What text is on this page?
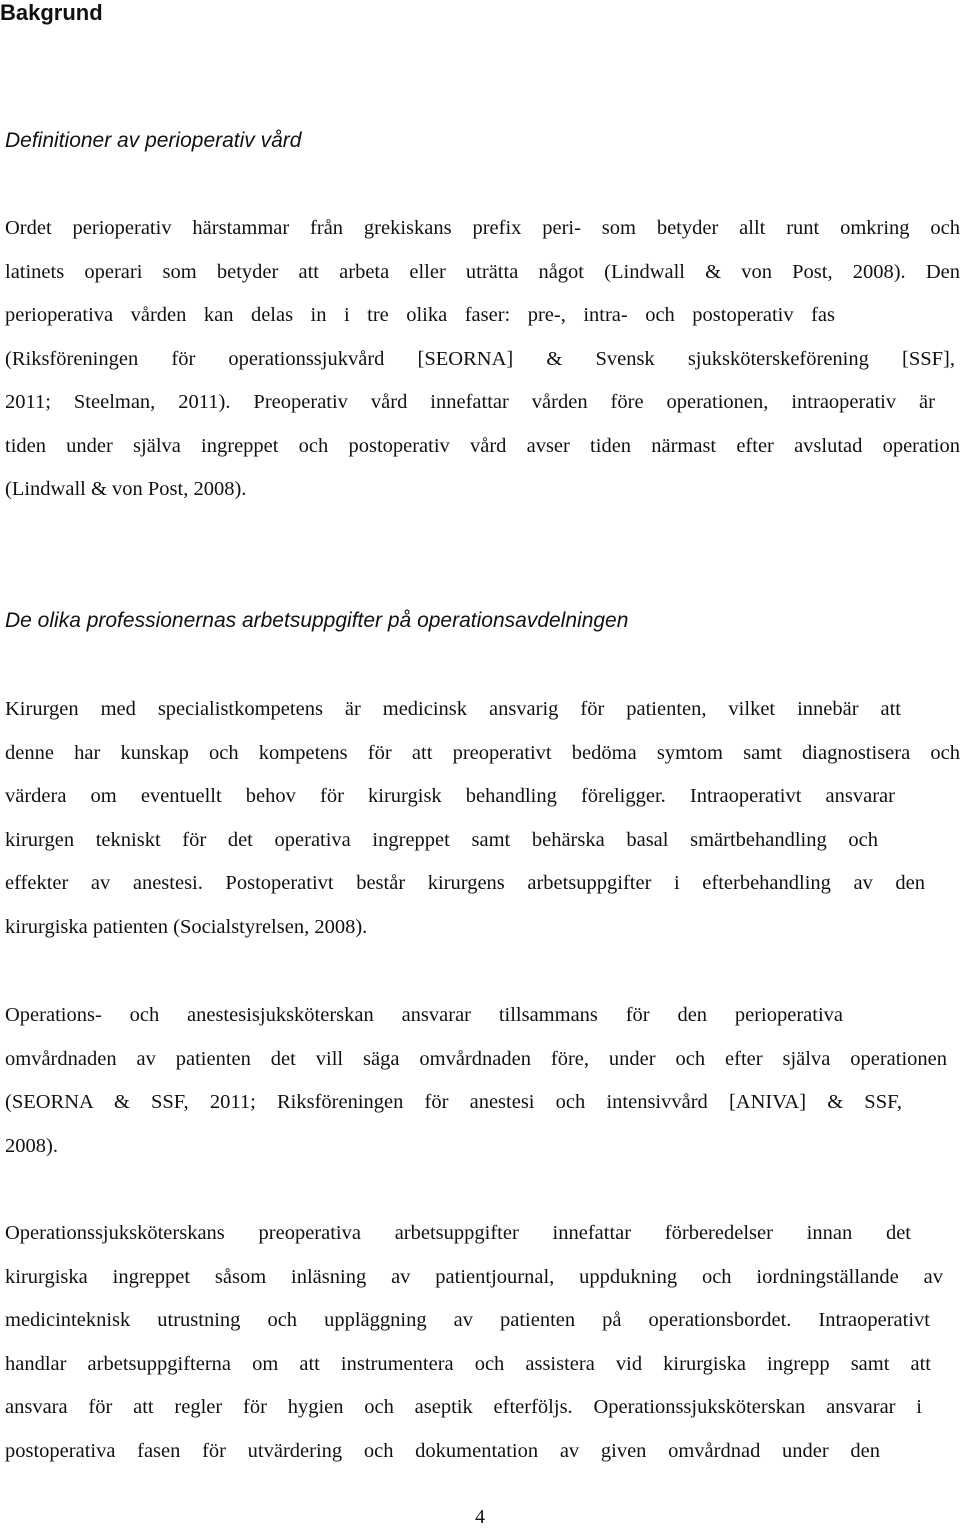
Bakgrund
Definitioner av perioperativ vård

Ordet perioperativ härstammar från grekiskans prefix peri- som betyder allt runt omkring och
latinets operari som betyder att arbeta eller uträtta något (Lindwall & von Post, 2008). Den
perioperativa vården kan delas in i tre olika faser: pre-, intra- och postoperativ fas
(Riksföreningen för operationssjukvård [SEORNA] & Svensk sjuksköterskeförening [SSF],
2011; Steelman, 2011). Preoperativ vård innefattar vården före operationen, intraoperativ är
tiden under själva ingreppet och postoperativ vård avser tiden närmast efter avslutad operation
(Lindwall & von Post, 2008).

De olika professionernas arbetsuppgifter på operationsavdelningen

Kirurgen med specialistkompetens är medicinsk ansvarig för patienten, vilket innebär att
denne har kunskap och kompetens för att preoperativt bedöma symtom samt diagnostisera och
värdera om eventuellt behov för kirurgisk behandling föreligger. Intraoperativt ansvarar
kirurgen tekniskt för det operativa ingreppet samt behärska basal smärtbehandling och
effekter av anestesi. Postoperativt består kirurgens arbetsuppgifter i efterbehandling av den
kirurgiska patienten (Socialstyrelsen, 2008).

Operations- och anestesisjuksköterskan ansvarar tillsammans för den perioperativa
omvårdnaden av patienten det vill säga omvårdnaden före, under och efter själva operationen
(SEORNA & SSF, 2011; Riksföreningen för anestesi och intensivvård [ANIVA] & SSF,
2008).

Operationssjuksköterskans preoperativa arbetsuppgifter innefattar förberedelser innan det
kirurgiska ingreppet såsom inläsning av patientjournal, uppdukning och iordningställande av
medicinteknisk utrustning och uppläggning av patienten på operationsbordet. Intraoperativt
handlar arbetsuppgifterna om att instrumentera och assistera vid kirurgiska ingrepp samt att
ansvara för att regler för hygien och aseptik efterföljs. Operationssjuksköterskan ansvarar i
postoperativa fasen för utvärdering och dokumentation av given omvårdnad under den

4
